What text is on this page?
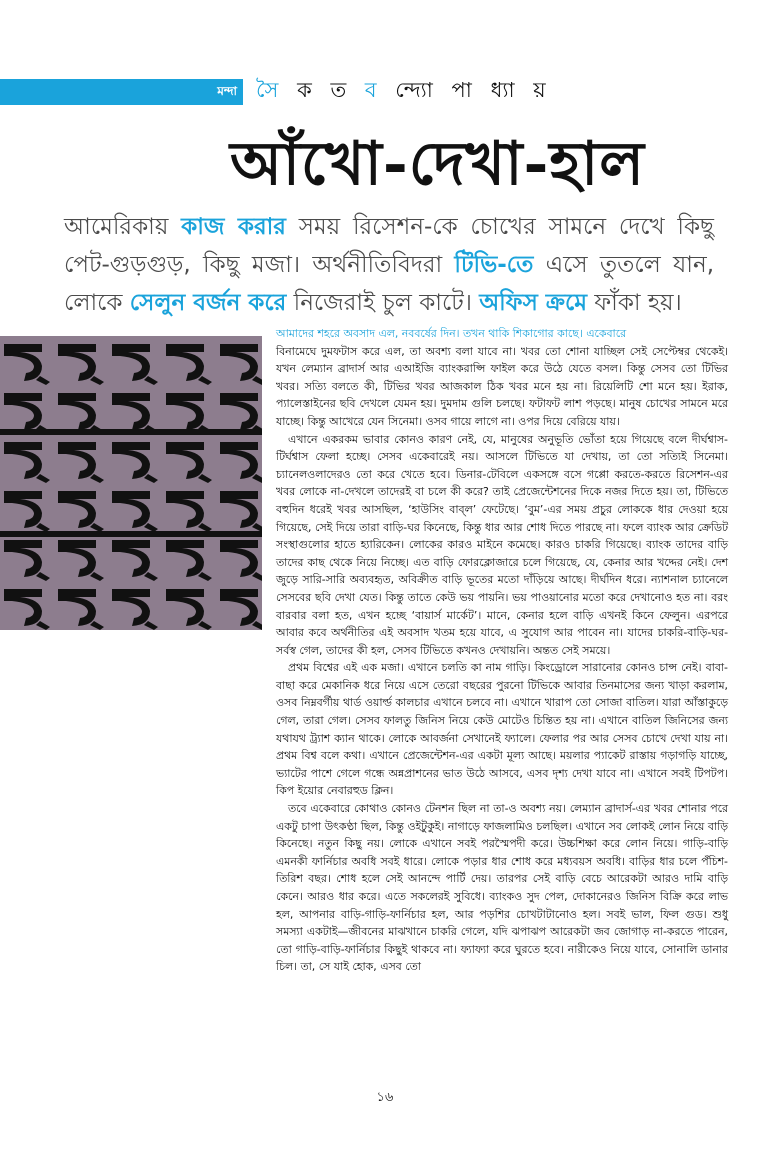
মন্দা সৈ ক ত ব ন্দ্যো পা ধ্যা য়
আঁখো-দেখা-হাল
আমেরিকায় কাজ করার সময় রিসেশন-কে চোখের সামনে দেখে কিছু পেট-গুড়গুড়, কিছু মজা। অর্থনীতিবিদরা টিভি-তে এসে তুতলে যান, লোকে সেলুন বর্জন করে নিজেরাই চুল কাটে। অফিস ক্রমে ফাঁকা হয়।

আমাদের শহরে অবসাদ এল, নববর্ষের দিন। তখন থাকি শিকাগোর কাছে। একেবারে

বিনামেঘে দুমফটাস করে এল, তা অবশ্য বলা যাবে না। খবর তো শোনা যাচ্ছিল সেই সেপ্টেম্বর থেকেই। যখন লেম্যান ব্রাদার্স আর এআইজি ব্যাংকরাপ্সি ফাইল করে উঠে যেতে বসল। কিন্তু সেসব তো টিভির খবর। সত্যি বলতে কী, টিভির খবর আজকাল ঠিক খবর মনে হয় না। রিয়েলিটি শো মনে হয়। ইরাক, প্যালেস্তাইনের ছবি দেখলে যেমন হয়। দুমদাম গুলি চলছে। ফটাফট লাশ পড়ছে। মানুষ চোখের সামনে মরে যাচ্ছে। কিন্তু আখেরে যেন সিনেমা। ওসব গায়ে লাগে না। ওপর দিয়ে বেরিয়ে যায়।

এখানে একরকম ভাবার কোনও কারণ নেই, যে, মানুষের অনুভূতি ভোঁতা হয়ে গিয়েছে বলে দীর্ঘশ্বাস-টির্ঘশ্বাস ফেলা হচ্ছে। সেসব একেবারেই নয়। আসলে টিভিতে যা দেখায়, তা তো সত্যিই সিনেমা। চ্যানেলওলাদেরও তো করে খেতে হবে। ডিনার-টেবিলে একসঙ্গে বসে গপ্পো করতে-করতে রিসেশন-এর খবর লোকে না-দেখলে তাদেরই বা চলে কী করে? তাই প্রেজেন্টেশনের দিকে নজর দিতে হয়। তা, টিভিতে বহুদিন ধরেই খবর আসছিল, ‘হাউসিং বাব্‌ল’ ফেটেছে। ‘বুম’-এর সময় প্রচুর লোককে ধার দেওয়া হয়ে গিয়েছে, সেই দিয়ে তারা বাড়ি-ঘর কিনেছে, কিন্তু ধার আর শোধ দিতে পারছে না। ফলে ব্যাংক আর ক্রেডিট সংস্থাগুলোর হাতে হ্যারিকেন। লোকের কারও মাইনে কমেছে। কারও চাকরি গিয়েছে। ব্যাংক তাদের বাড়ি তাদের কাছ থেকে নিয়ে নিচ্ছে। এত বাড়ি ফোরক্লোজারে চলে গিয়েছে, যে, কেনার আর খদ্দের নেই। দেশ জুড়ে সারি-সারি অব্যবহৃত, অবিক্রীত বাড়ি ভূতের মতো দাঁড়িয়ে আছে। দীর্ঘদিন ধরে। ন্যাশনাল চ্যানেলে সেসবের ছবি দেখা যেত। কিন্তু তাতে কেউ ভয় পায়নি। ভয় পাওয়ানোর মতো করে দেখানোও হত না। বরং বারবার বলা হত, এখন হচ্ছে ‘বায়ার্স মার্কেট’। মানে, কেনার হলে বাড়ি এখনই কিনে ফেলুন। এরপরে আবার কবে অর্থনীতির এই অবসাদ খতম হয়ে যাবে, এ সুযোগ আর পাবেন না। যাদের চাকরি-বাড়ি-ঘর-সর্বস্ব গেল, তাদের কী হল, সেসব টিভিতে কখনও দেখায়নি। অন্তত সেই সময়ে।

প্রথম বিশ্বের এই এক মজা। এখানে চলতি কা নাম গাড়ি। কিংড্রোলে সারানোর কোনও চান্স নেই। বাবা-বাছা করে মেকানিক ধরে নিয়ে এসে তেরো বছরের পুরনো টিভিকে আবার তিনমাসের জন্য খাড়া করলাম, ওসব নিম্নবর্গীয় থার্ড ওয়ার্ল্ড কালচার এখানে চলবে না। এখানে খারাপ তো সোজা বাতিল। যারা আঁস্তাকুড়ে গেল, তারা গেল। সেসব ফালতু জিনিস নিয়ে কেউ মোটেও চিন্তিত হয় না। এখানে বাতিল জিনিসের জন্য যথাযথ ট্র্যাশ ক্যান থাকে। লোকে আবর্জনা সেখানেই ফ্যালে। ফেলার পর আর সেসব চোখে দেখা যায় না। প্রথম বিশ্ব বলে কথা। এখানে প্রেজেন্টেশন-এর একটা মূল্য আছে। ময়লার প্যাকেট রাস্তায় গড়াগড়ি যাচ্ছে, ভ্যাটের পাশে গেলে গন্ধে অন্নপ্রাশনের ভাত উঠে আসবে, এসব দৃশ্য দেখা যাবে না। এখানে সবই টিপটপ। কিপ ইয়োর নেবারহুড ক্লিন।

তবে একেবারে কোথাও কোনও টেনশন ছিল না তা-ও অবশ্য নয়। লেম্যান ব্রাদার্স-এর খবর শোনার পরে একটু চাপা উৎকণ্ঠা ছিল, কিন্তু ওইটুকুই। নাগাড়ে ফাজলামিও চলছিল। এখানে সব লোকই লোন নিয়ে বাড়ি কিনেছে। নতুন কিছু নয়। লোকে এখানে সবই পরস্মৈপদী করে। উচ্চশিক্ষা করে লোন নিয়ে। গাড়ি-বাড়ি এমনকী ফার্নিচার অবধি সবই ধারে। লোকে পড়ার ধার শোধ করে মধ্যবয়স অবধি। বাড়ির ধার চলে পঁচিশ-তিরিশ বছর। শোধ হলে সেই আনন্দে পার্টি দেয়। তারপর সেই বাড়ি বেচে আরেকটা আরও দামি বাড়ি কেনে। আরও ধার করে। এতে সকলেরই সুবিধে। ব্যাংকও সুদ পেল, দোকানেরও জিনিস বিক্রি করে লাভ হল, আপনার বাড়ি-গাড়ি-ফার্নিচার হল, আর পড়শির চোখটাটানোও হল। সবই ভাল, ফিল গুড। শুধু সমস্যা একটাই—জীবনের মাঝখানে চাকরি গেলে, যদি ঝপাঝপ আরেকটা জব জোগাড় না-করতে পারেন, তো গাড়ি-বাড়ি-ফার্নিচার কিছুই থাকবে না। ফ্যাফ্যা করে ঘুরতে হবে। নারীকেও নিয়ে যাবে, সোনালি ডানার চিল। তা, সে যাই হোক, এসব তো

১৬
